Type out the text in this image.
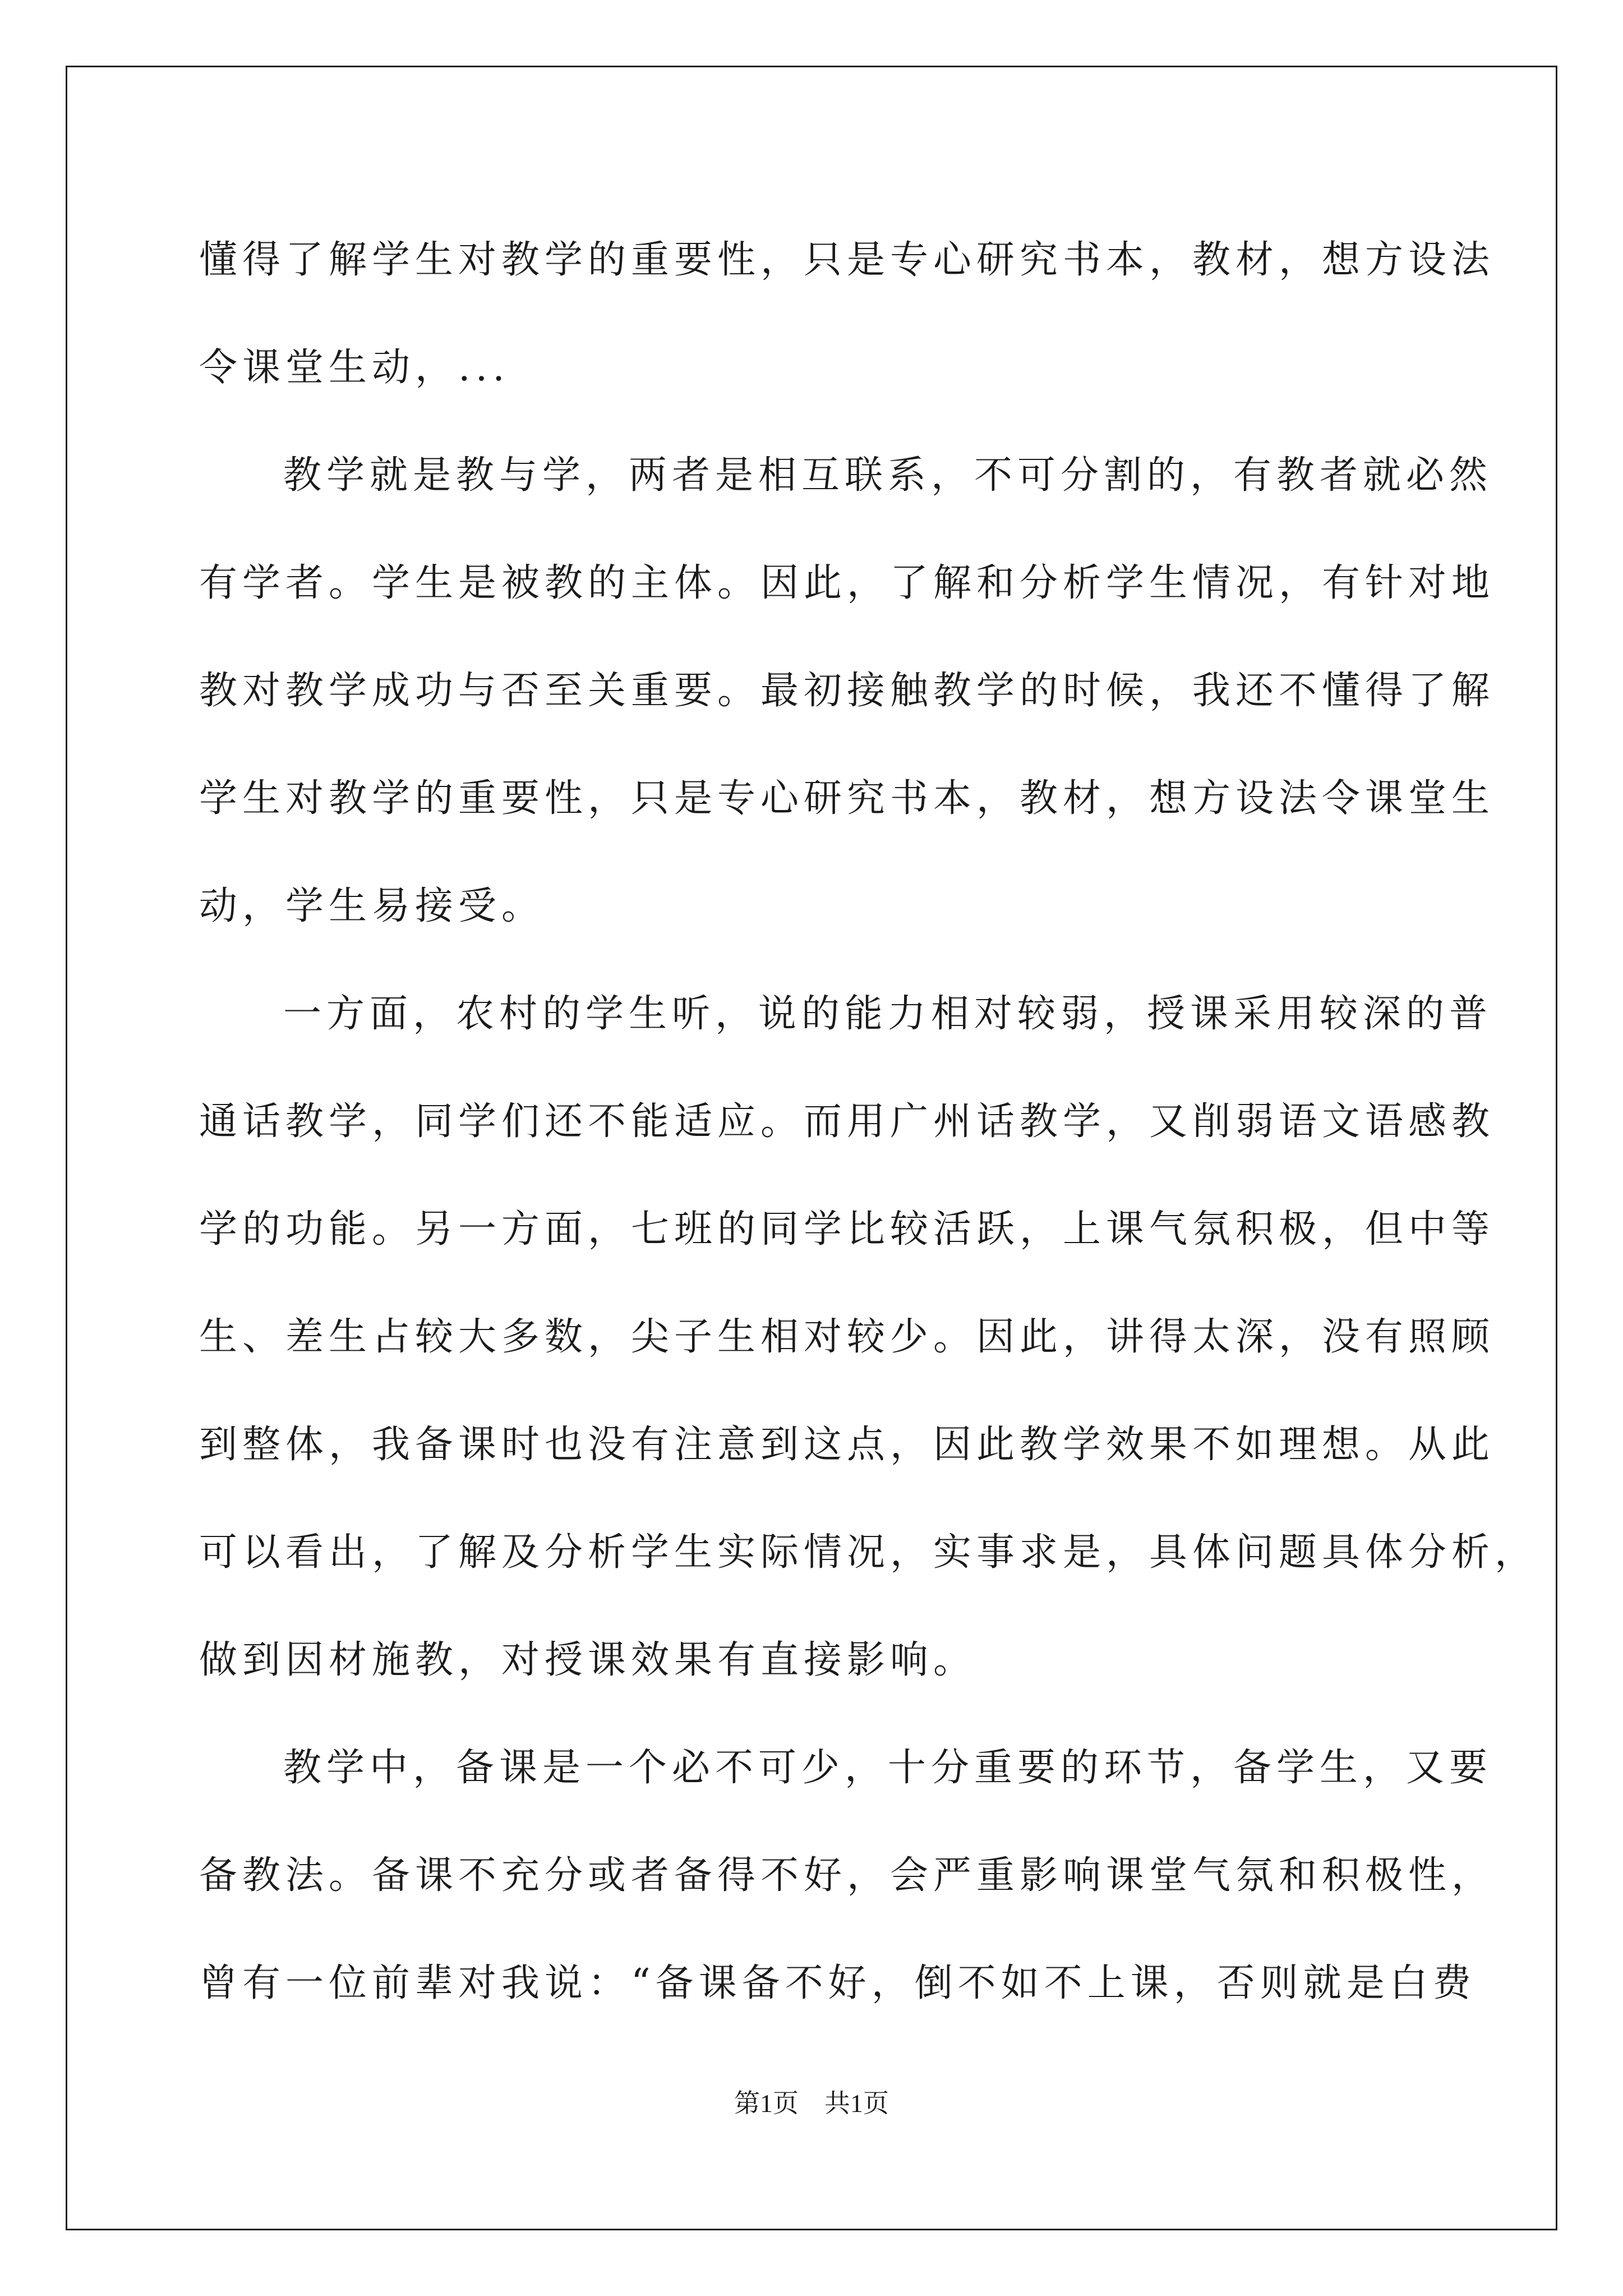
懂得了解学生对教学的重要性，只是专心研究书本，教材，想方设法
令课堂生动，...
教学就是教与学，两者是相互联系，不可分割的，有教者就必然
有学者。学生是被教的主体。因此，了解和分析学生情况，有针对地
教对教学成功与否至关重要。最初接触教学的时候，我还不懂得了解
学生对教学的重要性，只是专心研究书本，教材，想方设法令课堂生
动，学生易接受。
一方面，农村的学生听，说的能力相对较弱，授课采用较深的普
通话教学，同学们还不能适应。而用广州话教学，又削弱语文语感教
学的功能。另一方面，七班的同学比较活跃，上课气氛积极，但中等
生、差生占较大多数，尖子生相对较少。因此，讲得太深，没有照顾
到整体，我备课时也没有注意到这点，因此教学效果不如理想。从此
可以看出，了解及分析学生实际情况，实事求是，具体问题具体分析，
做到因材施教，对授课效果有直接影响。
教学中，备课是一个必不可少，十分重要的环节，备学生，又要
备教法。备课不充分或者备得不好，会严重影响课堂气氛和积极性，
曾有一位前辈对我说：“备课备不好，倒不如不上课，否则就是白费
第1页 共1页
